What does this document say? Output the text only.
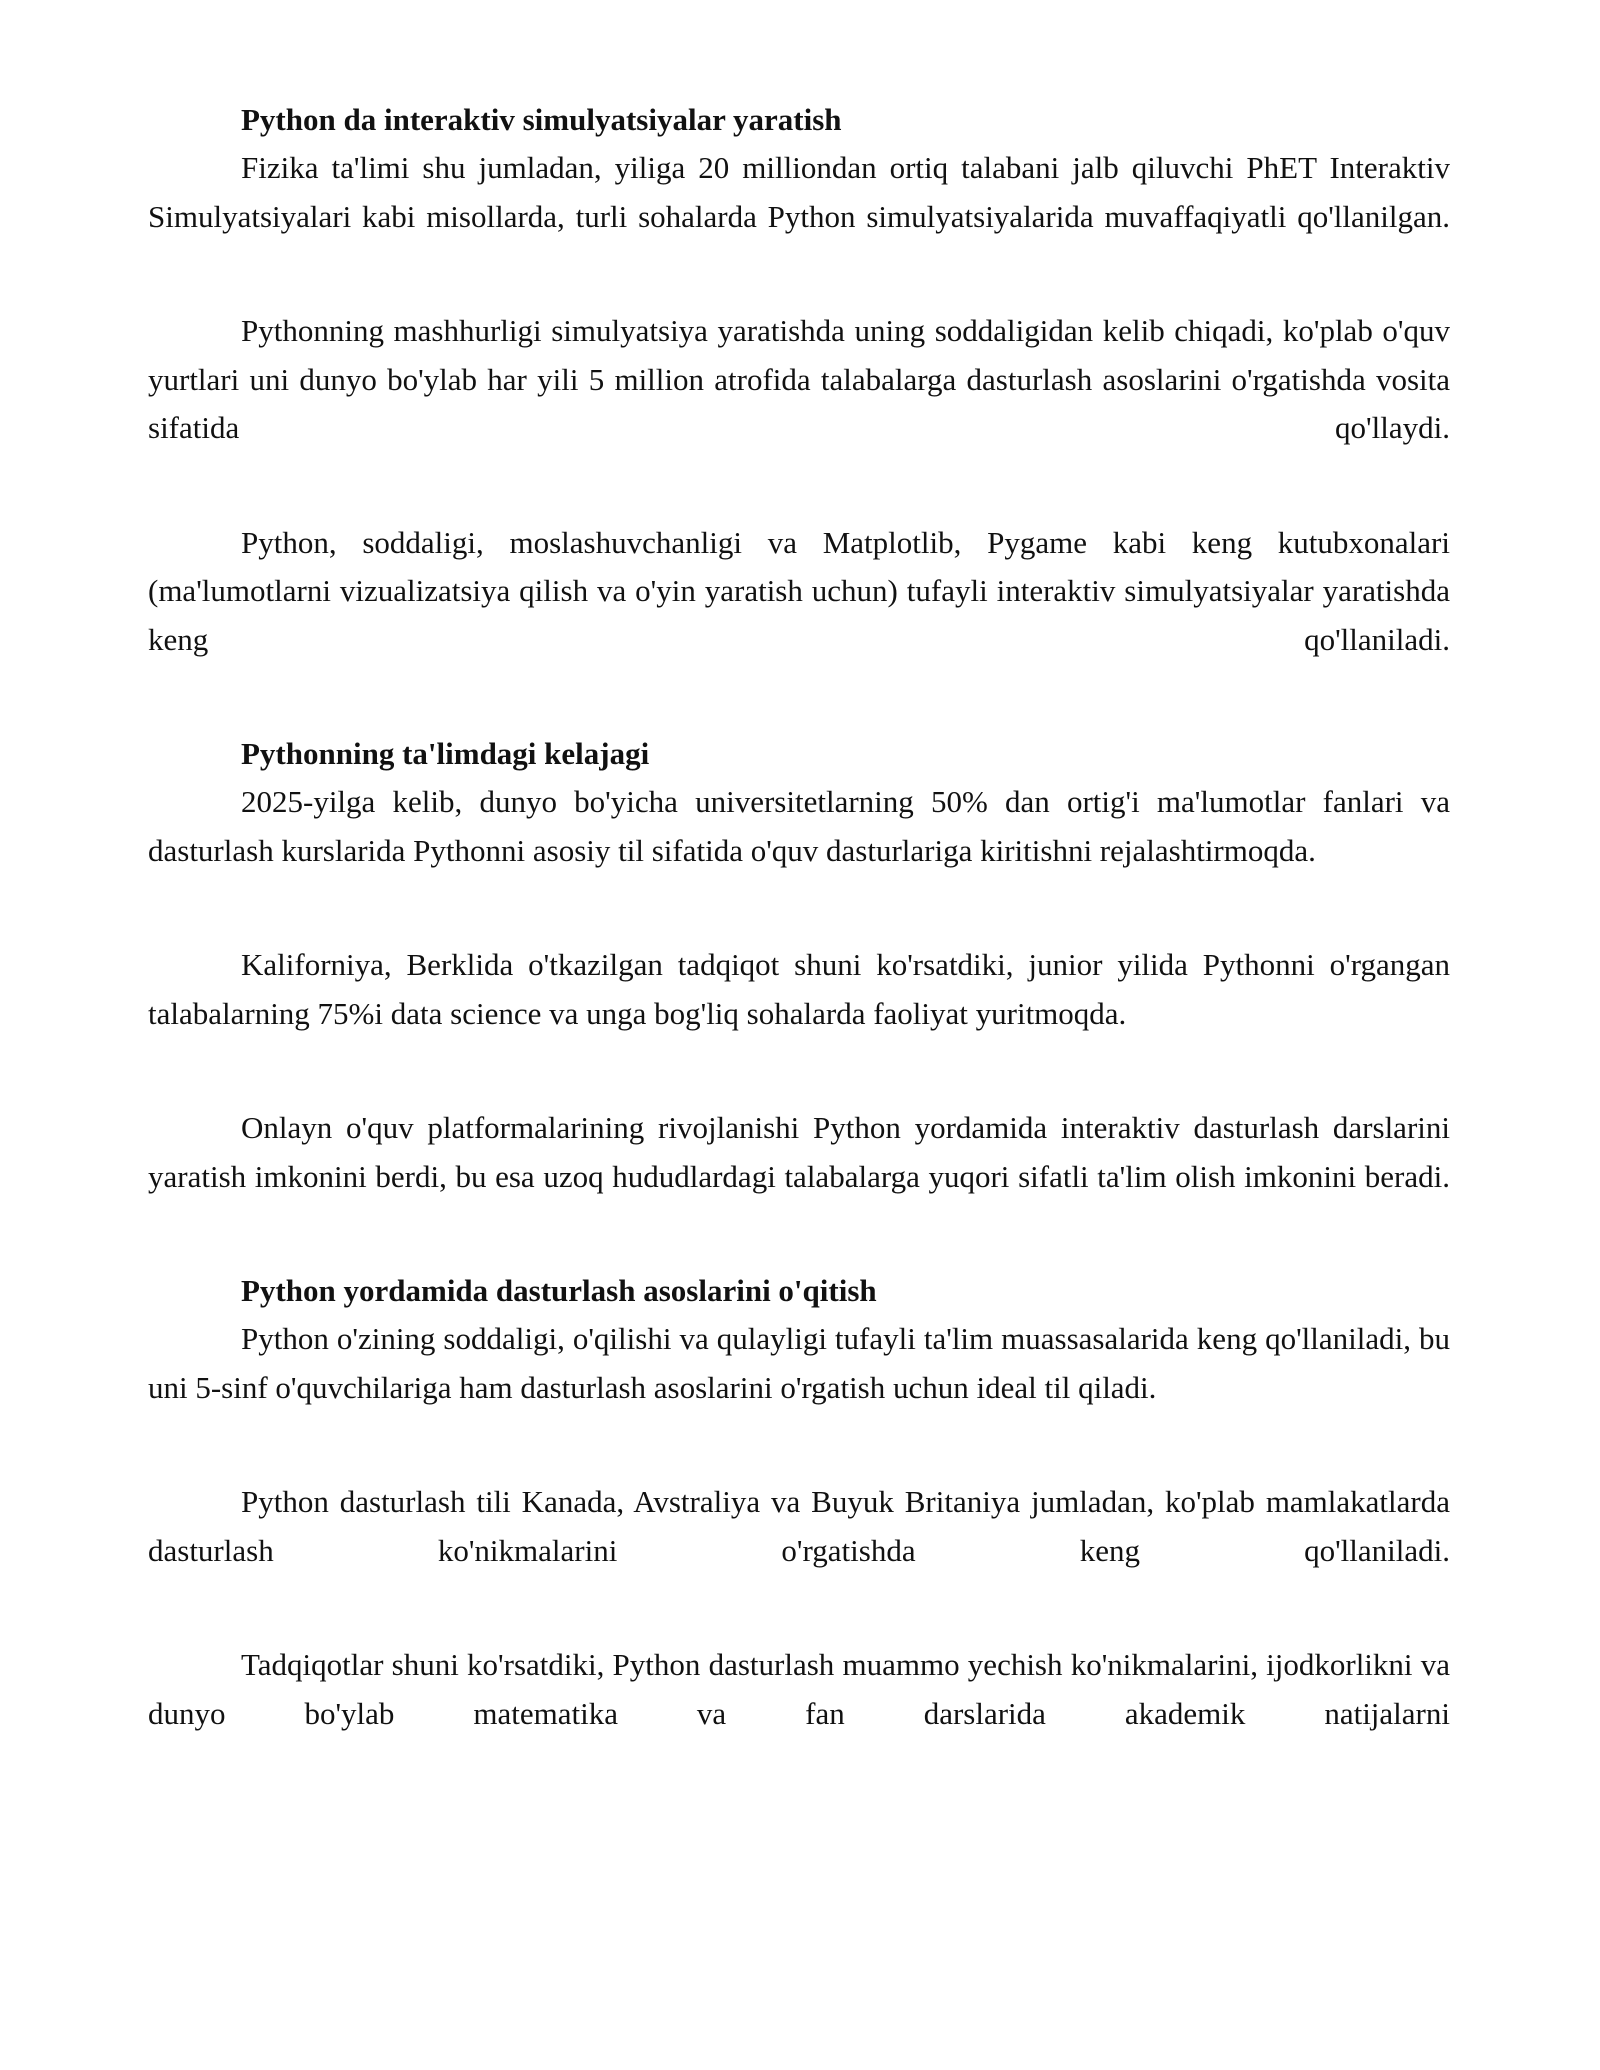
Python da interaktiv simulyatsiyalar yaratish

Fizika ta'limi shu jumladan, yiliga 20 milliondan ortiq talabani jalb qiluvchi PhET Interaktiv Simulyatsiyalari kabi misollarda, turli sohalarda Python simulyatsiyalarida muvaffaqiyatli qo'llanilgan.

Pythonning mashhurligi simulyatsiya yaratishda uning soddaligidan kelib chiqadi, ko'plab o'quv yurtlari uni dunyo bo'ylab har yili 5 million atrofida talabalarga dasturlash asoslarini o'rgatishda vosita sifatida qo'llaydi.

Python, soddaligi, moslashuvchanligi va Matplotlib, Pygame kabi keng kutubxonalari (ma'lumotlarni vizualizatsiya qilish va o'yin yaratish uchun) tufayli interaktiv simulyatsiyalar yaratishda keng qo'llaniladi.

Pythonning ta'limdagi kelajagi

2025-yilga kelib, dunyo bo'yicha universitetlarning 50% dan ortig'i ma'lumotlar fanlari va dasturlash kurslarida Pythonni asosiy til sifatida o'quv dasturlariga kiritishni rejalashtirmoqda.

Kaliforniya, Berklida o'tkazilgan tadqiqot shuni ko'rsatdiki, junior yilida Pythonni o'rgangan talabalarning 75%i data science va unga bog'liq sohalarda faoliyat yuritmoqda.

Onlayn o'quv platformalarining rivojlanishi Python yordamida interaktiv dasturlash darslarini yaratish imkonini berdi, bu esa uzoq hududlardagi talabalarga yuqori sifatli ta'lim olish imkonini beradi.

Python yordamida dasturlash asoslarini o'qitish

Python o'zining soddaligi, o'qilishi va qulayligi tufayli ta'lim muassasalarida keng qo'llaniladi, bu uni 5-sinf o'quvchilariga ham dasturlash asoslarini o'rgatish uchun ideal til qiladi.

Python dasturlash tili Kanada, Avstraliya va Buyuk Britaniya jumladan, ko'plab mamlakatlarda dasturlash ko'nikmalarini o'rgatishda keng qo'llaniladi.

Tadqiqotlar shuni ko'rsatdiki, Python dasturlash muammo yechish ko'nikmalarini, ijodkorlikni va dunyo bo'ylab matematika va fan darslarida akademik natijalarni
